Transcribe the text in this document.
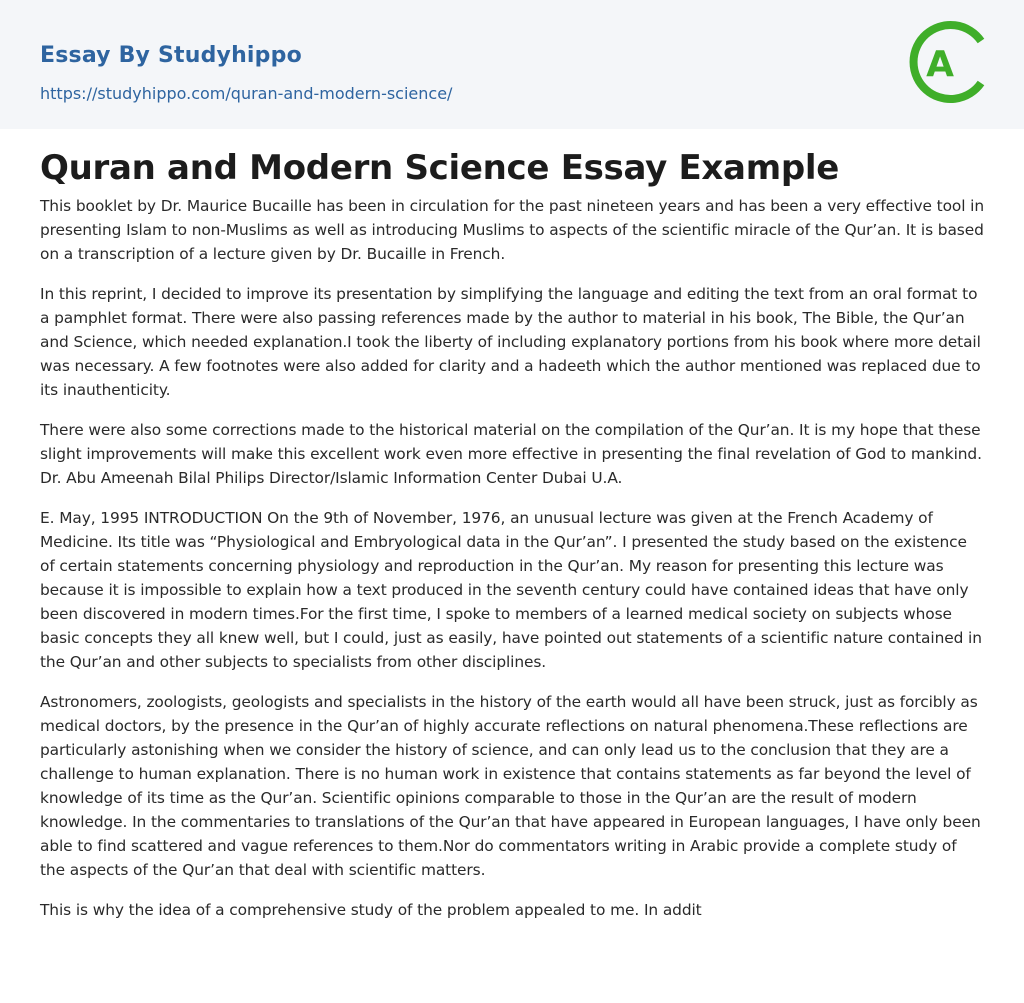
Essay By Studyhippo
https://studyhippo.com/quran-and-modern-science/
A
Quran and Modern Science Essay Example

This booklet by Dr. Maurice Bucaille has been in circulation for the past nineteen years and has been a very effective tool in presenting Islam to non-Muslims as well as introducing Muslims to aspects of the scientific miracle of the Qur’an. It is based on a transcription of a lecture given by Dr. Bucaille in French.

In this reprint, I decided to improve its presentation by simplifying the language and editing the text from an oral format to a pamphlet format. There were also passing references made by the author to material in his book, The Bible, the Qur’an and Science, which needed explanation.I took the liberty of including explanatory portions from his book where more detail was necessary. A few footnotes were also added for clarity and a hadeeth which the author mentioned was replaced due to its inauthenticity.

There were also some corrections made to the historical material on the compilation of the Qur’an. It is my hope that these slight improvements will make this excellent work even more effective in presenting the final revelation of God to mankind. Dr. Abu Ameenah Bilal Philips Director/Islamic Information Center Dubai U.A.

E. May, 1995 INTRODUCTION On the 9th of November, 1976, an unusual lecture was given at the French Academy of Medicine. Its title was “Physiological and Embryological data in the Qur’an”. I presented the study based on the existence of certain statements concerning physiology and reproduction in the Qur’an. My reason for presenting this lecture was because it is impossible to explain how a text produced in the seventh century could have contained ideas that have only been discovered in modern times.For the first time, I spoke to members of a learned medical society on subjects whose basic concepts they all knew well, but I could, just as easily, have pointed out statements of a scientific nature contained in the Qur’an and other subjects to specialists from other disciplines.

Astronomers, zoologists, geologists and specialists in the history of the earth would all have been struck, just as forcibly as medical doctors, by the presence in the Qur’an of highly accurate reflections on natural phenomena.These reflections are particularly astonishing when we consider the history of science, and can only lead us to the conclusion that they are a challenge to human explanation. There is no human work in existence that contains statements as far beyond the level of knowledge of its time as the Qur’an. Scientific opinions comparable to those in the Qur’an are the result of modern knowledge. In the commentaries to translations of the Qur’an that have appeared in European languages, I have only been able to find scattered and vague references to them.Nor do commentators writing in Arabic provide a complete study of the aspects of the Qur’an that deal with scientific matters.

This is why the idea of a comprehensive study of the problem appealed to me. In addit
